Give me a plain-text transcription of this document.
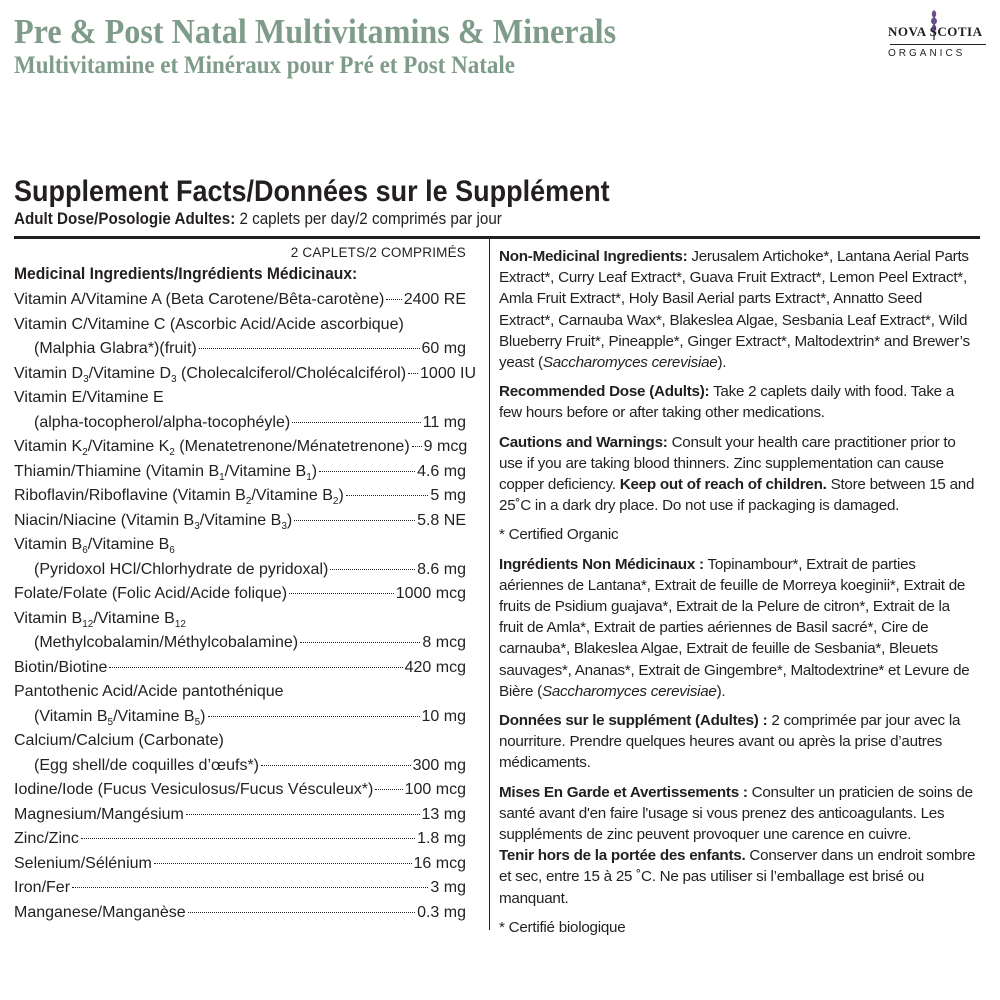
Pre & Post Natal Multivitamins & Minerals
Multivitamine et Minéraux pour Pré et Post Natale
NOVA SCOTIA
ORGANICS
Supplement Facts/Données sur le Supplément
Adult Dose/Posologie Adultes: 2 caplets per day/2 comprimés par jour
2 CAPLETS/2 COMPRIMÉS
Medicinal Ingredients/Ingrédients Médicinaux:
Vitamin A/Vitamine A (Beta Carotene/Bêta-carotène) 2400 RE
Vitamin C/Vitamine C (Ascorbic Acid/Acide ascorbique)
(Malphia Glabra*)(fruit)	60 mg
Vitamin $D_3$/Vitamine $D_3$ (Cholecalciferol/Cholécalciférol) 1000 IU
Vitamin E/Vitamine E
(alpha-tocopherol/alpha-tocophéyle)	11 mg
Vitamin $K_2$/Vitamine $K_2$ (Menatetrenone/Ménatetrenone) 9 mcg
Thiamin/Thiamine (Vitamin $B_1$/Vitamine $B_1$)	4.6 mg
Riboflavin/Riboflavine (Vitamin $B_2$/Vitamine $B_2$)	5 mg
Niacin/Niacine (Vitamin $B_3$/Vitamine $B_3$)	5.8 NE
Vitamin $B_6$/Vitamine $B_6$
(Pyridoxol HCl/Chlorhydrate de pyridoxal)	8.6 mg
Folate/Folate (Folic Acid/Acide folique)	1000 mcg
Vitamin $B_{12}$/Vitamine $B_{12}$
(Methylcobalamin/Méthylcobalamine)	8 mcg
Biotin/Biotine	420 mcg
Pantothenic Acid/Acide pantothénique
(Vitamin $B_5$/Vitamine $B_5$)	10 mg
Calcium/Calcium (Carbonate)
(Egg shell/de coquilles d’œufs*)	300 mg
Iodine/Iode (Fucus Vesiculosus/Fucus Vésculeux*) 100 mcg
Magnesium/Mangésium	13 mg
Zinc/Zinc	1.8 mg
Selenium/Sélénium	16 mcg
Iron/Fer	3 mg
Manganese/Manganèse	0.3 mg

Non-Medicinal Ingredients: Jerusalem Artichoke*, Lantana Aerial Parts Extract*, Curry Leaf Extract*, Guava Fruit Extract*, Lemon Peel Extract*, Amla Fruit Extract*, Holy Basil Aerial parts Extract*, Annatto Seed Extract*, Carnauba Wax*, Blakeslea Algae, Sesbania Leaf Extract*, Wild Blueberry Fruit*, Pineapple*, Ginger Extract*, Maltodextrin* and Brewer’s yeast (Saccharomyces cerevisiae).

Recommended Dose (Adults): Take 2 caplets daily with food. Take a few hours before or after taking other medications.

Cautions and Warnings: Consult your health care practitioner prior to use if you are taking blood thinners. Zinc supplementation can cause copper deficiency. Keep out of reach of children. Store between 15 and 25˚C in a dark dry place. Do not use if packaging is damaged.

* Certified Organic

Ingrédients Non Médicinaux : Topinambour*, Extrait de parties aériennes de Lantana*, Extrait de feuille de Morreya koeginii*, Extrait de fruits de Psidium guajava*, Extrait de la Pelure de citron*, Extrait de la fruit de Amla*, Extrait de parties aériennes de Basil sacré*, Cire de carnauba*, Blakeslea Algae, Extrait de feuille de Sesbania*, Bleuets sauvages*, Ananas*, Extrait de Gingembre*, Maltodextrine* et Levure de Bière (Saccharomyces cerevisiae).

Données sur le supplément (Adultes) : 2 comprimée par jour avec la nourriture. Prendre quelques heures avant ou après la prise d’autres médicaments.

Mises En Garde et Avertissements : Consulter un praticien de soins de santé avant d'en faire l'usage si vous prenez des anticoagulants. Les suppléments de zinc peuvent provoquer une carence en cuivre.

Tenir hors de la portée des enfants. Conserver dans un endroit sombre et sec, entre 15 à 25 ˚C. Ne pas utiliser si l’emballage est brisé ou manquant.

* Certifié biologique
